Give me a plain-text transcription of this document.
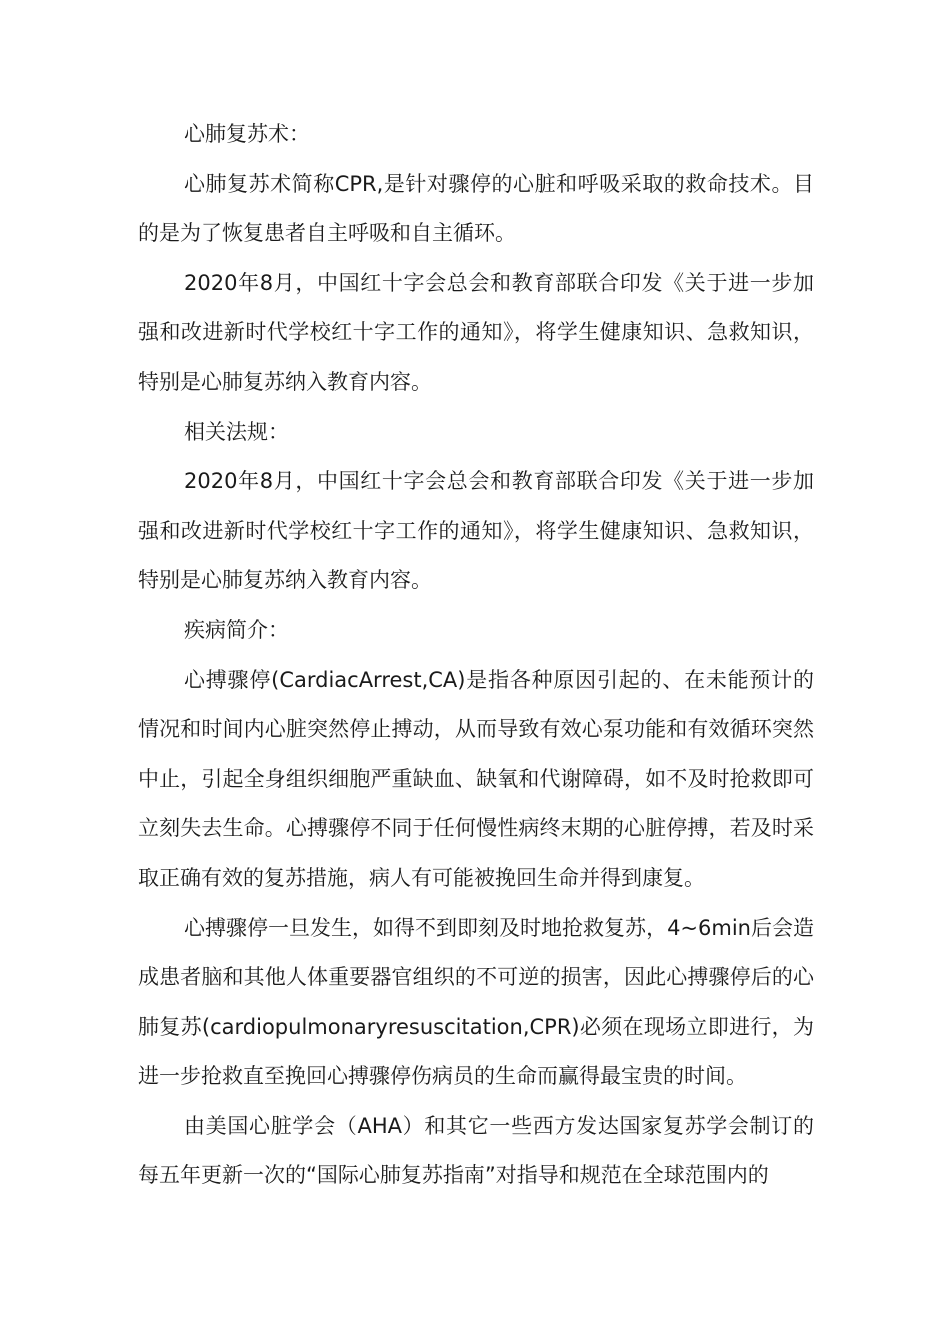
心肺复苏术：

心肺复苏术简称CPR,是针对骤停的心脏和呼吸采取的救命技术。目的是为了恢复患者自主呼吸和自主循环。

2020年8月，中国红十字会总会和教育部联合印发《关于进一步加强和改进新时代学校红十字工作的通知》，将学生健康知识、急救知识，特别是心肺复苏纳入教育内容。

相关法规：

2020年8月，中国红十字会总会和教育部联合印发《关于进一步加强和改进新时代学校红十字工作的通知》，将学生健康知识、急救知识，特别是心肺复苏纳入教育内容。

疾病简介：

心搏骤停(CardiacArrest,CA)是指各种原因引起的、在未能预计的情况和时间内心脏突然停止搏动，从而导致有效心泵功能和有效循环突然中止，引起全身组织细胞严重缺血、缺氧和代谢障碍，如不及时抢救即可立刻失去生命。心搏骤停不同于任何慢性病终末期的心脏停搏，若及时采取正确有效的复苏措施，病人有可能被挽回生命并得到康复。

心搏骤停一旦发生，如得不到即刻及时地抢救复苏，4~6min后会造成患者脑和其他人体重要器官组织的不可逆的损害，因此心搏骤停后的心肺复苏(cardiopulmonaryresuscitation,CPR)必须在现场立即进行，为进一步抢救直至挽回心搏骤停伤病员的生命而赢得最宝贵的时间。

由美国心脏学会（AHA）和其它一些西方发达国家复苏学会制订的每五年更新一次的“国际心肺复苏指南”对指导和规范在全球范围内的
